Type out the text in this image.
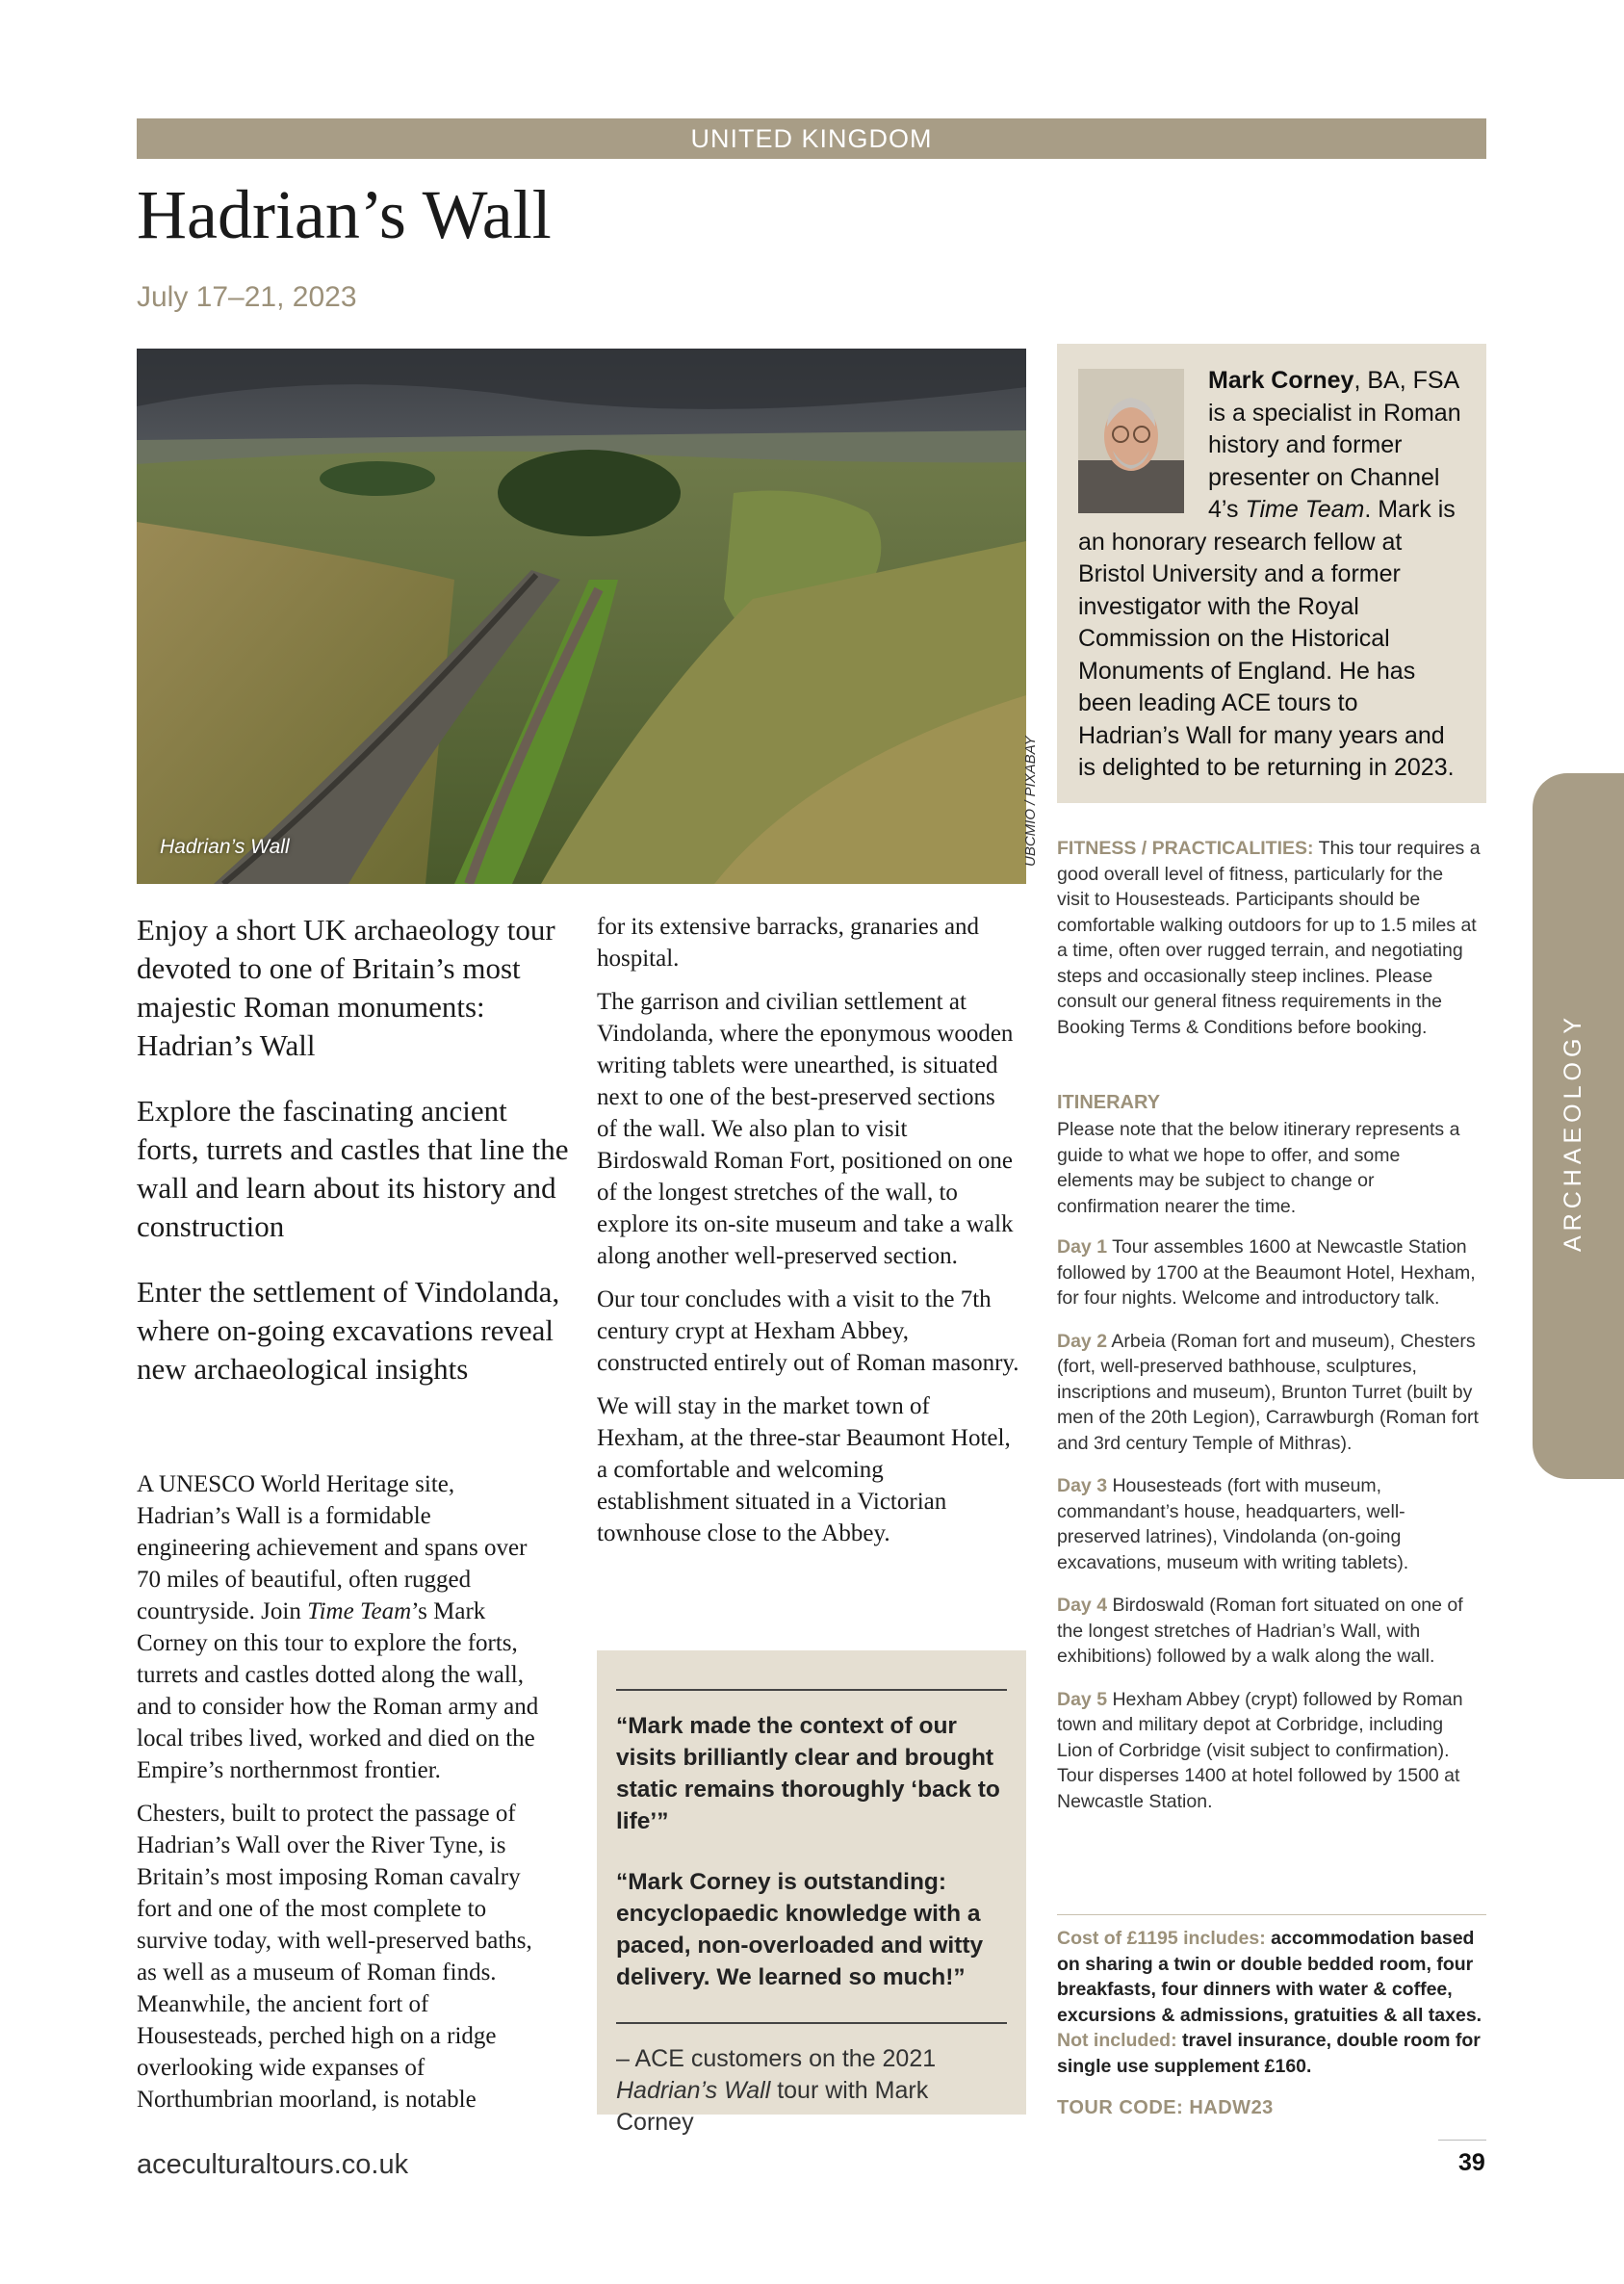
UNITED KINGDOM
Hadrian’s Wall
July 17–21, 2023
Hadrian’s Wall	UBCMIO / PIXABAY

Enjoy a short UK archaeology tour devoted to one of Britain’s most majestic Roman monuments: Hadrian’s Wall

Explore the fascinating ancient forts, turrets and castles that line the wall and learn about its history and construction

Enter the settlement of Vindolanda, where on-going excavations reveal new archaeological insights

A UNESCO World Heritage site, Hadrian’s Wall is a formidable engineering achievement and spans over 70 miles of beautiful, often rugged countryside. Join Time Team’s Mark Corney on this tour to explore the forts, turrets and castles dotted along the wall, and to consider how the Roman army and local tribes lived, worked and died on the Empire’s northernmost frontier.

Chesters, built to protect the passage of Hadrian’s Wall over the River Tyne, is Britain’s most imposing Roman cavalry fort and one of the most complete to survive today, with well-preserved baths, as well as a museum of Roman finds. Meanwhile, the ancient fort of Housesteads, perched high on a ridge overlooking wide expanses of Northumbrian moorland, is notable

for its extensive barracks, granaries and hospital.

The garrison and civilian settlement at Vindolanda, where the eponymous wooden writing tablets were unearthed, is situated next to one of the best-preserved sections of the wall. We also plan to visit Birdoswald Roman Fort, positioned on one of the longest stretches of the wall, to explore its on-site museum and take a walk along another well-preserved section.

Our tour concludes with a visit to the 7th century crypt at Hexham Abbey, constructed entirely out of Roman masonry.

We will stay in the market town of Hexham, at the three-star Beaumont Hotel, a comfortable and welcoming establishment situated in a Victorian townhouse close to the Abbey.

“Mark made the context of our visits brilliantly clear and brought static remains thoroughly ‘back to life’”

“Mark Corney is outstanding: encyclopaedic knowledge with a paced, non-overloaded and witty delivery. We learned so much!”

– ACE customers on the 2021 Hadrian’s Wall tour with Mark Corney

Mark Corney, BA, FSA is a specialist in Roman history and former presenter on Channel 4’s Time Team. Mark is an honorary research fellow at Bristol University and a former investigator with the Royal Commission on the Historical Monuments of England. He has been leading ACE tours to Hadrian’s Wall for many years and is delighted to be returning in 2023.

FITNESS / PRACTICALITIES: This tour requires a good overall level of fitness, particularly for the visit to Housesteads. Participants should be comfortable walking outdoors for up to 1.5 miles at a time, often over rugged terrain, and negotiating steps and occasionally steep inclines. Please consult our general fitness requirements in the Booking Terms & Conditions before booking.

ITINERARY

Please note that the below itinerary represents a guide to what we hope to offer, and some elements may be subject to change or confirmation nearer the time.

Day 1 Tour assembles 1600 at Newcastle Station followed by 1700 at the Beaumont Hotel, Hexham, for four nights. Welcome and introductory talk.

Day 2 Arbeia (Roman fort and museum), Chesters (fort, well-preserved bathhouse, sculptures, inscriptions and museum), Brunton Turret (built by men of the 20th Legion), Carrawburgh (Roman fort and 3rd century Temple of Mithras).

Day 3 Housesteads (fort with museum, commandant’s house, headquarters, well-preserved latrines), Vindolanda (on-going excavations, museum with writing tablets).

Day 4 Birdoswald (Roman fort situated on one of the longest stretches of Hadrian’s Wall, with exhibitions) followed by a walk along the wall.

Day 5 Hexham Abbey (crypt) followed by Roman town and military depot at Corbridge, including Lion of Corbridge (visit subject to confirmation). Tour disperses 1400 at hotel followed by 1500 at Newcastle Station.

Cost of £1195 includes: accommodation based on sharing a twin or double bedded room, four breakfasts, four dinners with water & coffee, excursions & admissions, gratuities & all taxes. Not included: travel insurance, double room for single use supplement £160.
TOUR CODE: HADW23
ARCHAEOLOGY
aceculturaltours.co.uk	39
